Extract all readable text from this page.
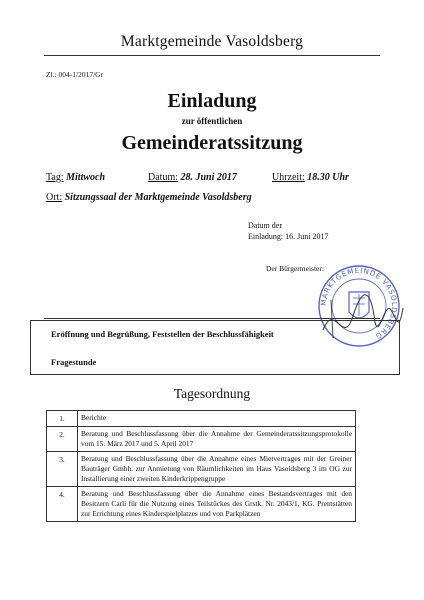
Marktgemeinde Vasoldsberg
Zl.: 004-1/2017/Gr
Einladung
zur öffentlichen
Gemeinderatssitzung
Tag: Mittwoch	Datum: 28. Juni 2017	Uhrzeit: 18.30 Uhr
Ort: Sitzungssaal der Marktgemeinde Vasoldsberg
Datum der
Einladung: 16. Juni 2017
Der Bürgermeister:
MARKTGEMEINDE VASOLDSBERG
Eröffnung und Begrüßung, Feststellen der Beschlussfähigkeit
Fragestunde
Tagesordnung
1.	Berichte
2.	Beratung und Beschlussfassung über die Annahme der Gemeinderatssitzungsprotokolle vom 15. März 2017 und 5. April 2017
3.	Beratung und Beschlussfassung über die Annahme eines Mietvertrages mit der Greiner Bauträger Gmbh. zur Anmietung von Räumlichkeiten im Haus Vasoldsberg 3 im OG zur Installierung einer zweiten Kinderkrippengruppe
4.	Beratung und Beschlussfassung über die Annahme eines Bestandsvertrages mit den Besitzern Carli für die Nutzung eines Teilstückes des Grstk. Nr. 2043/1, KG. Premstätten zur Errichtung eines Kinderspielplatzes und von Parkplätzen
